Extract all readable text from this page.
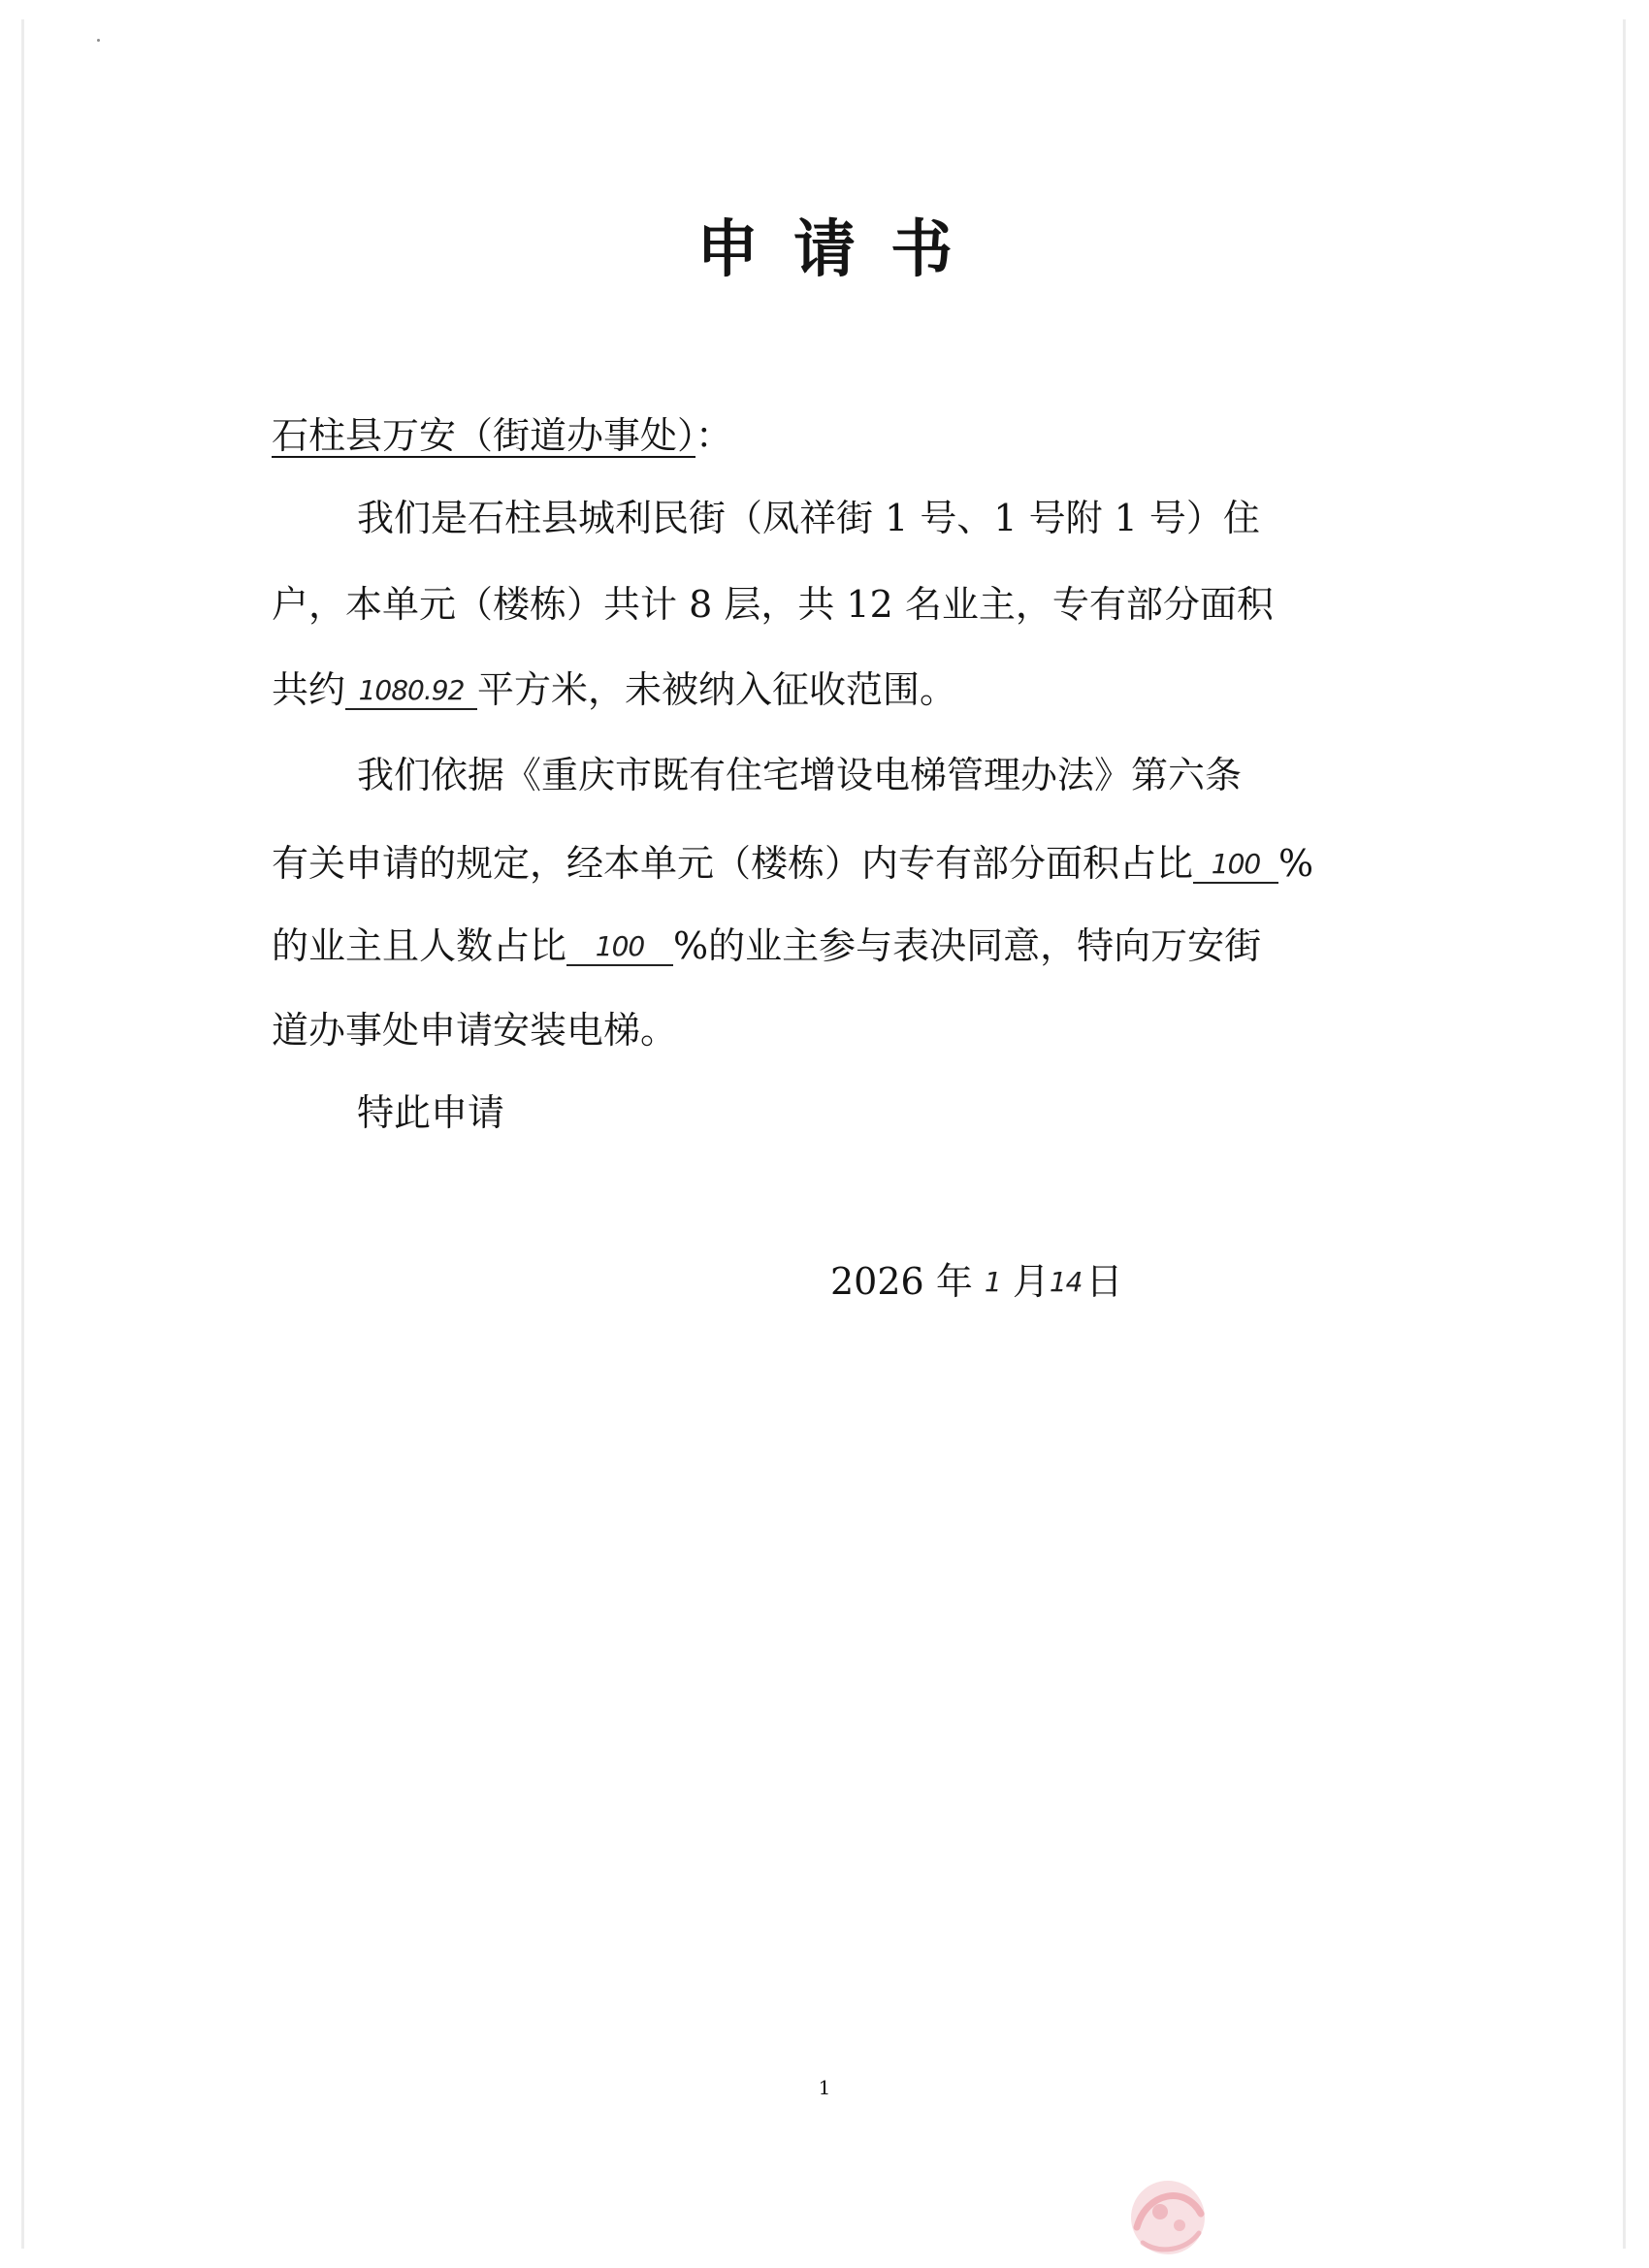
申请书
石柱县万安（街道办事处）：
我们是石柱县城利民街（凤祥街 1 号、1 号附 1 号）住
户，本单元（楼栋）共计 8 层，共 12 名业主，专有部分面积
共约 1080.92 平方米，未被纳入征收范围。
我们依据《重庆市既有住宅增设电梯管理办法》第六条
有关申请的规定，经本单元（楼栋）内专有部分面积占比 100 %
的业主且人数占比 100 %的业主参与表决同意，特向万安街
道办事处申请安装电梯。
特此申请
2026 年 1 月14 日
1
